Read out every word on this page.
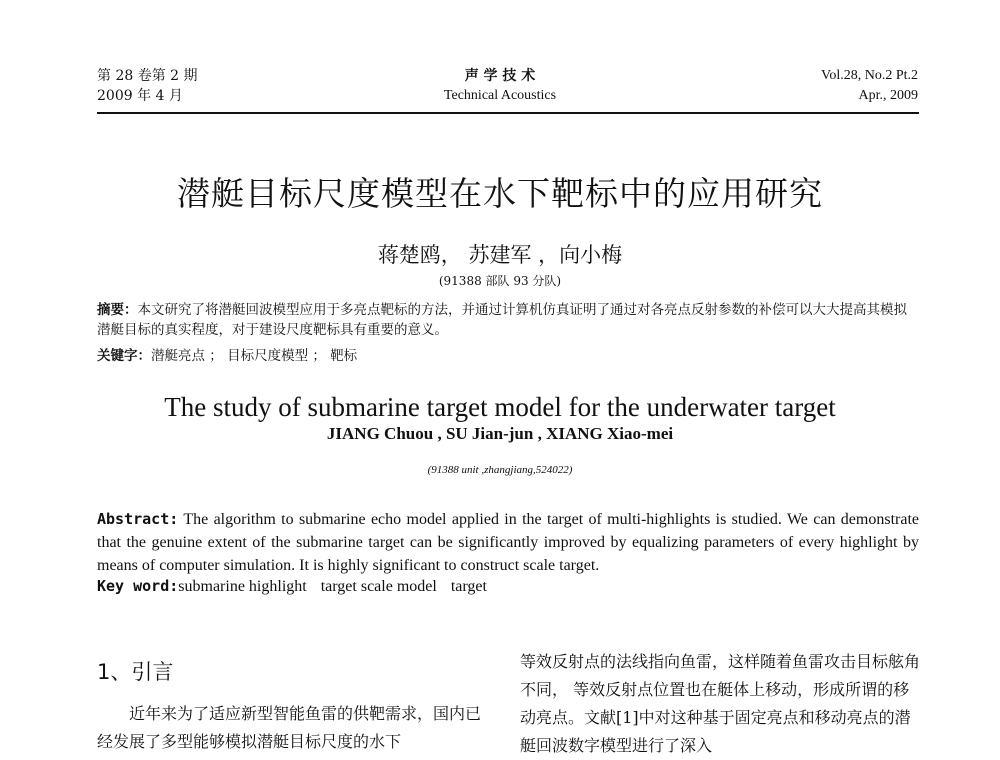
第 28 卷第 2 期
2009 年 4 月
声 学 技 术
Technical Acoustics
Vol.28, No.2 Pt.2
Apr., 2009
潜艇目标尺度模型在水下靶标中的应用研究
蒋楚鸥， 苏建军 ，向小梅
(91388 部队 93 分队)
摘要：本文研究了将潜艇回波模型应用于多亮点靶标的方法，并通过计算机仿真证明了通过对各亮点反射参数的补偿可以大大提高其模拟潜艇目标的真实程度，对于建设尺度靶标具有重要的意义。
关键字：潜艇亮点 ； 目标尺度模型 ； 靶标
The study of submarine target model for the underwater target
JIANG Chuou , SU Jian-jun , XIANG Xiao-mei
(91388 unit ,zhangjiang,524022)
Abstract: The algorithm to submarine echo model applied in the target of multi-highlights is studied. We can demonstrate that the genuine extent of the submarine target can be significantly improved by equalizing parameters of every highlight by means of computer simulation. It is highly significant to construct scale target.
Key word:submarine highlight target scale model target
1、引言
近年来为了适应新型智能鱼雷的供靶需求，国内已经发展了多型能够模拟潜艇目标尺度的水下
等效反射点的法线指向鱼雷，这样随着鱼雷攻击目标舷角不同， 等效反射点位置也在艇体上移动，形成所谓的移动亮点。文献[1]中对这种基于固定亮点和移动亮点的潜艇回波数字模型进行了深入
